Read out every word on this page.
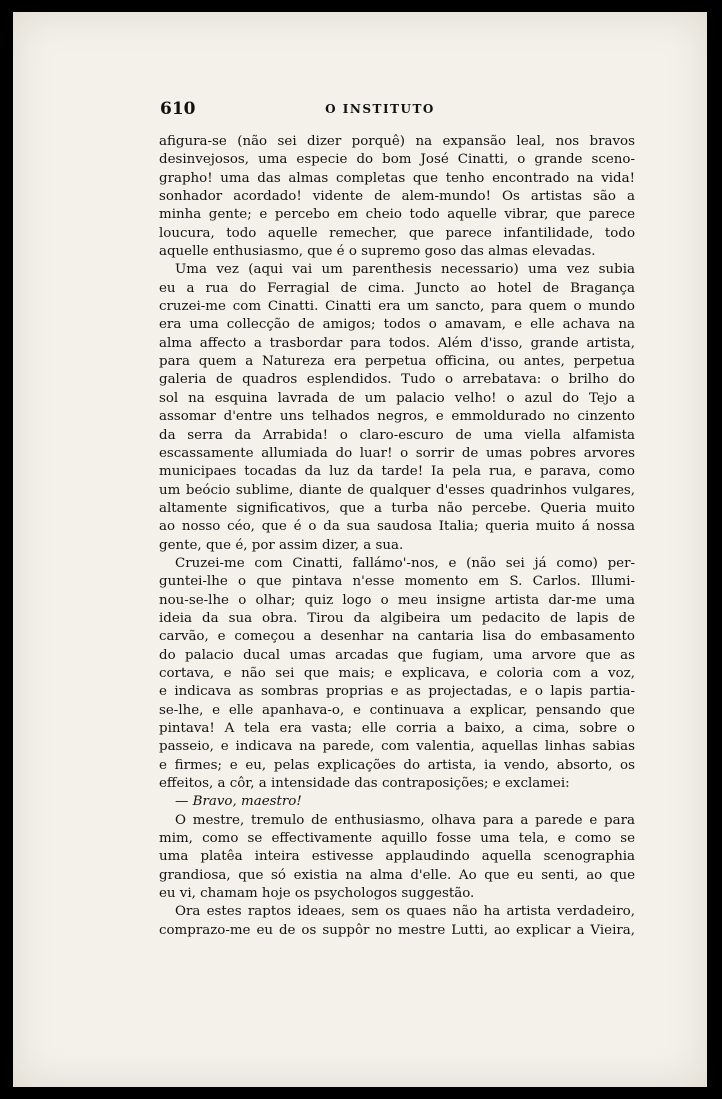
610	O INSTITUTO

afigura-se (não sei dizer porquê) na expansão leal, nos bravos

desinvejosos, uma especie do bom José Cinatti, o grande sceno-

grapho! uma das almas completas que tenho encontrado na vida!

sonhador acordado! vidente de alem-mundo! Os artistas são a

minha gente; e percebo em cheio todo aquelle vibrar, que parece

loucura, todo aquelle remecher, que parece infantilidade, todo

aquelle enthusiasmo, que é o supremo goso das almas elevadas.

Uma vez (aqui vai um parenthesis necessario) uma vez subia

eu a rua do Ferragial de cima. Juncto ao hotel de Bragança

cruzei-me com Cinatti. Cinatti era um sancto, para quem o mundo

era uma collecção de amigos; todos o amavam, e elle achava na

alma affecto a trasbordar para todos. Além d'isso, grande artista,

para quem a Natureza era perpetua officina, ou antes, perpetua

galeria de quadros esplendidos. Tudo o arrebatava: o brilho do

sol na esquina lavrada de um palacio velho! o azul do Tejo a

assomar d'entre uns telhados negros, e emmoldurado no cinzento

da serra da Arrabida! o claro-escuro de uma viella alfamista

escassamente allumiada do luar! o sorrir de umas pobres arvores

municipaes tocadas da luz da tarde! Ia pela rua, e parava, como

um beócio sublime, diante de qualquer d'esses quadrinhos vulgares,

altamente significativos, que a turba não percebe. Queria muito

ao nosso céo, que é o da sua saudosa Italia; queria muito á nossa

gente, que é, por assim dizer, a sua.

Cruzei-me com Cinatti, fallámo'-nos, e (não sei já como) per-

guntei-lhe o que pintava n'esse momento em S. Carlos. Illumi-

nou-se-lhe o olhar; quiz logo o meu insigne artista dar-me uma

ideia da sua obra. Tirou da algibeira um pedacito de lapis de

carvão, e começou a desenhar na cantaria lisa do embasamento

do palacio ducal umas arcadas que fugiam, uma arvore que as

cortava, e não sei que mais; e explicava, e coloria com a voz,

e indicava as sombras proprias e as projectadas, e o lapis partia-

se-lhe, e elle apanhava-o, e continuava a explicar, pensando que

pintava! A tela era vasta; elle corria a baixo, a cima, sobre o

passeio, e indicava na parede, com valentia, aquellas linhas sabias

e firmes; e eu, pelas explicações do artista, ia vendo, absorto, os

effeitos, a côr, a intensidade das contraposições; e exclamei:

— Bravo, maestro!

O mestre, tremulo de enthusiasmo, olhava para a parede e para

mim, como se effectivamente aquillo fosse uma tela, e como se

uma platêa inteira estivesse applaudindo aquella scenographia

grandiosa, que só existia na alma d'elle. Ao que eu senti, ao que

eu vi, chamam hoje os psychologos suggestão.

Ora estes raptos ideaes, sem os quaes não ha artista verdadeiro,

comprazo-me eu de os suppôr no mestre Lutti, ao explicar a Vieira,
